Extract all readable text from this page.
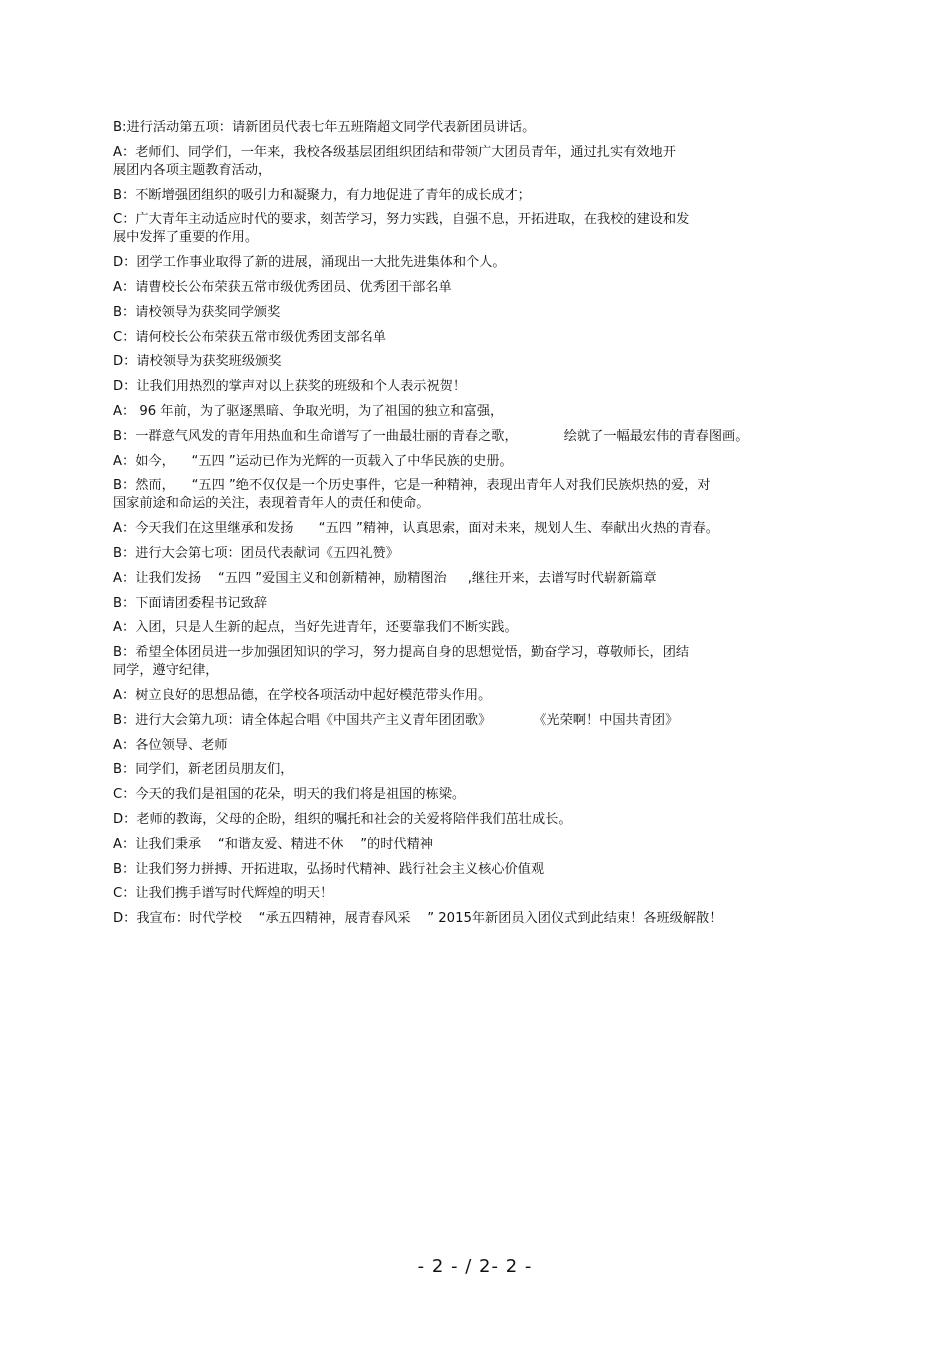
B:进行活动第五项：请新团员代表七年五班隋超文同学代表新团员讲话。
A：老师们、同学们，一年来，我校各级基层团组织团结和带领广大团员青年，通过扎实有效地开
展团内各项主题教育活动，
B：不断增强团组织的吸引力和凝聚力，有力地促进了青年的成长成才；
C：广大青年主动适应时代的要求，刻苦学习，努力实践，自强不息，开拓进取，在我校的建设和发
展中发挥了重要的作用。
D：团学工作事业取得了新的进展，涌现出一大批先进集体和个人。
A：请曹校长公布荣获五常市级优秀团员、优秀团干部名单
B：请校领导为获奖同学颁奖
C：请何校长公布荣获五常市级优秀团支部名单
D：请校领导为获奖班级颁奖
D：让我们用热烈的掌声对以上获奖的班级和个人表示祝贺！
A： 96 年前，为了驱逐黑暗、争取光明，为了祖国的独立和富强，
B：一群意气风发的青年用热血和生命谱写了一曲最壮丽的青春之歌，           绘就了一幅最宏伟的青春图画。
A：如今，    “五四 ”运动已作为光辉的一页载入了中华民族的史册。
B：然而，    “五四 ”绝不仅仅是一个历史事件，它是一种精神，表现出青年人对我们民族炽热的爱，对
国家前途和命运的关注，表现着青年人的责任和使命。
A：今天我们在这里继承和发扬      “五四 ”精神，认真思索，面对未来，规划人生、奉献出火热的青春。
B：进行大会第七项：团员代表献词《五四礼赞》
A：让我们发扬    “五四 ”爱国主义和创新精神，励精图治     ,继往开来，去谱写时代崭新篇章
B：下面请团委程书记致辞
A：入团，只是人生新的起点，当好先进青年，还要靠我们不断实践。
B：希望全体团员进一步加强团知识的学习，努力提高自身的思想觉悟，勤奋学习，尊敬师长，团结
同学，遵守纪律，
A：树立良好的思想品德，在学校各项活动中起好模范带头作用。
B：进行大会第九项：请全体起合唱《中国共产主义青年团团歌》          《光荣啊！中国共青团》
A：各位领导、老师
B：同学们，新老团员朋友们，
C：今天的我们是祖国的花朵，明天的我们将是祖国的栋梁。
D：老师的教诲，父母的企盼，组织的嘱托和社会的关爱将陪伴我们茁壮成长。
A：让我们秉承    “和谐友爱、精进不休    ”的时代精神
B：让我们努力拼搏、开拓进取，弘扬时代精神、践行社会主义核心价值观
C：让我们携手谱写时代辉煌的明天！
D：我宣布：时代学校    “承五四精神，展青春风采    ” 2015年新团员入团仪式到此结束！各班级解散！
- 2 - / 2- 2 -
